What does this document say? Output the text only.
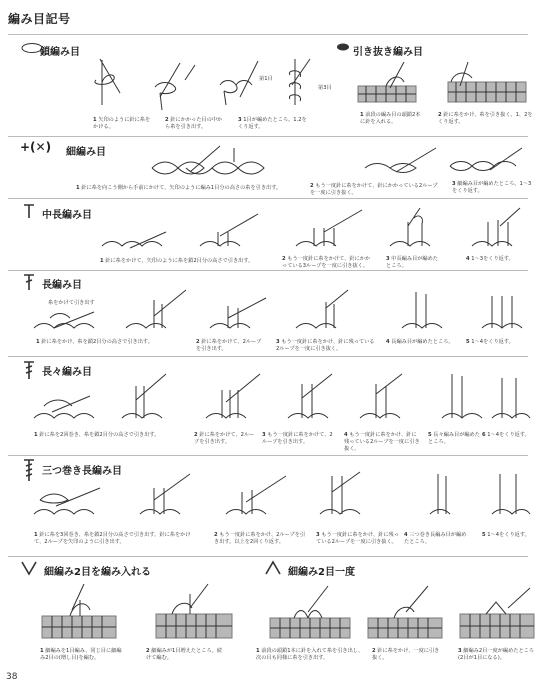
編み目記号
鎖編み目
第1目
第3目
1 矢印のように針に糸をかける。
2 針にかかった目の中から糸を引き出す。
3 1目が編めたところ。1.2をくり返す。
引き抜き編み目
1 前段の編み目の頭鎖2本に針を入れる。
2 針に糸をかけ、糸を引き抜く。1、2をくり返す。
+(✕) 細編み目
1 針に糸を向こう側から手前にかけて、矢印のように編み1目分の高さの糸を引き出す。	2 もう一度針に糸をかけて、針にかかっている2ループを一度に引き抜く。
3 細編み目が編めたところ。1〜3をくり返す。
中長編み目
1 針に糸をかけて、矢印のように糸を鎖2目分の高さで引き出す。	2 もう一度針に糸をかけて、針にかかっている3ループを一度に引き抜く。
3 中長編み目が編めたところ。
4 1〜3をくり返す。
長編み目
糸をかけて引き出す
1 針に糸をかけ、糸を鎖2目分の高さで引き出す。	2 針に糸をかけて、2ループを引き出す。
3 もう一度針に糸をかけ、針に残っている2ループを一度に引き抜く。
4 長編み目が編めたところ。	5 1〜4をくり返す。
長々編み目
1 針に糸を2回巻き、糸を鎖2目分の高さで引き出す。	2 針に糸をかけて、2ループを引き出す。
3 もう一度針に糸をかけて、2ループを引き出す。
4 もう一度針に糸をかけ、針に残っている2ループを一度に引き抜く。
5 長々編み目が編めたところ。
6 1〜4をくり返す。
三つ巻き長編み目
1 針に糸を3回巻き、糸を鎖2目分の高さで引き出す。針に糸をかけて、2ループを矢印のように引き出す。
2 もう一度針に糸をかけ、2ループを引き出す。以上を2回くり返す。
3 もう一度針に糸をかけ、針に残っている2ループを一度に引き抜く。
4 三つ巻き長編み目が編めたところ。
5 1〜4をくり返す。
細編み2目を編み入れる
1 細編みを1目編み、同じ目に細編み2目の(増し目)を編む。
2 細編みが1目増えたところ。続けて編む。
細編み2目一度
1 前段の頭鎖1本に針を入れて糸を引き出し、次の目も同様に糸を引き出す。
2 針に糸をかけ、一度に引き抜く。
3 細編み2目一度が編めたところ(2目が1目になる)。
38
